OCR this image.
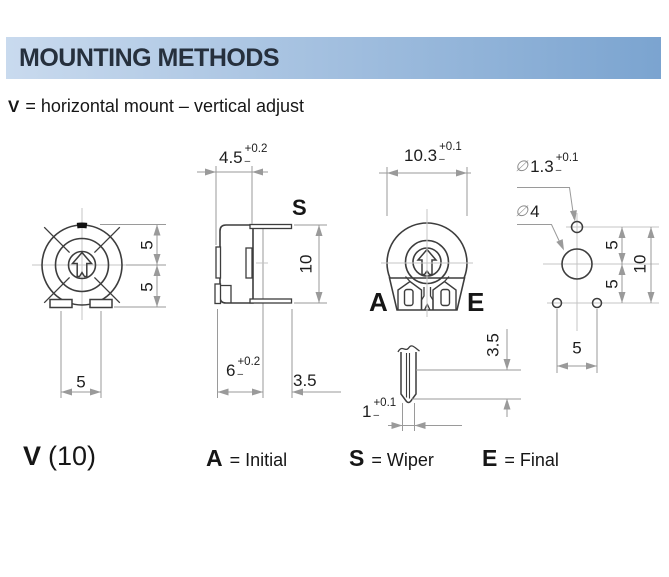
MOUNTING METHODS
V = horizontal mount – vertical adjust
5
5
5
4.5 +0.2
–
S
10
6 +0.2
–	3.5
10.3 +0.1
–
A	E
3.5
1 +0.1
–
∅ 1.3 +0.1
–
∅ 4
5
5
10
5
V (10)	A = Initial	S = Wiper E = Final
